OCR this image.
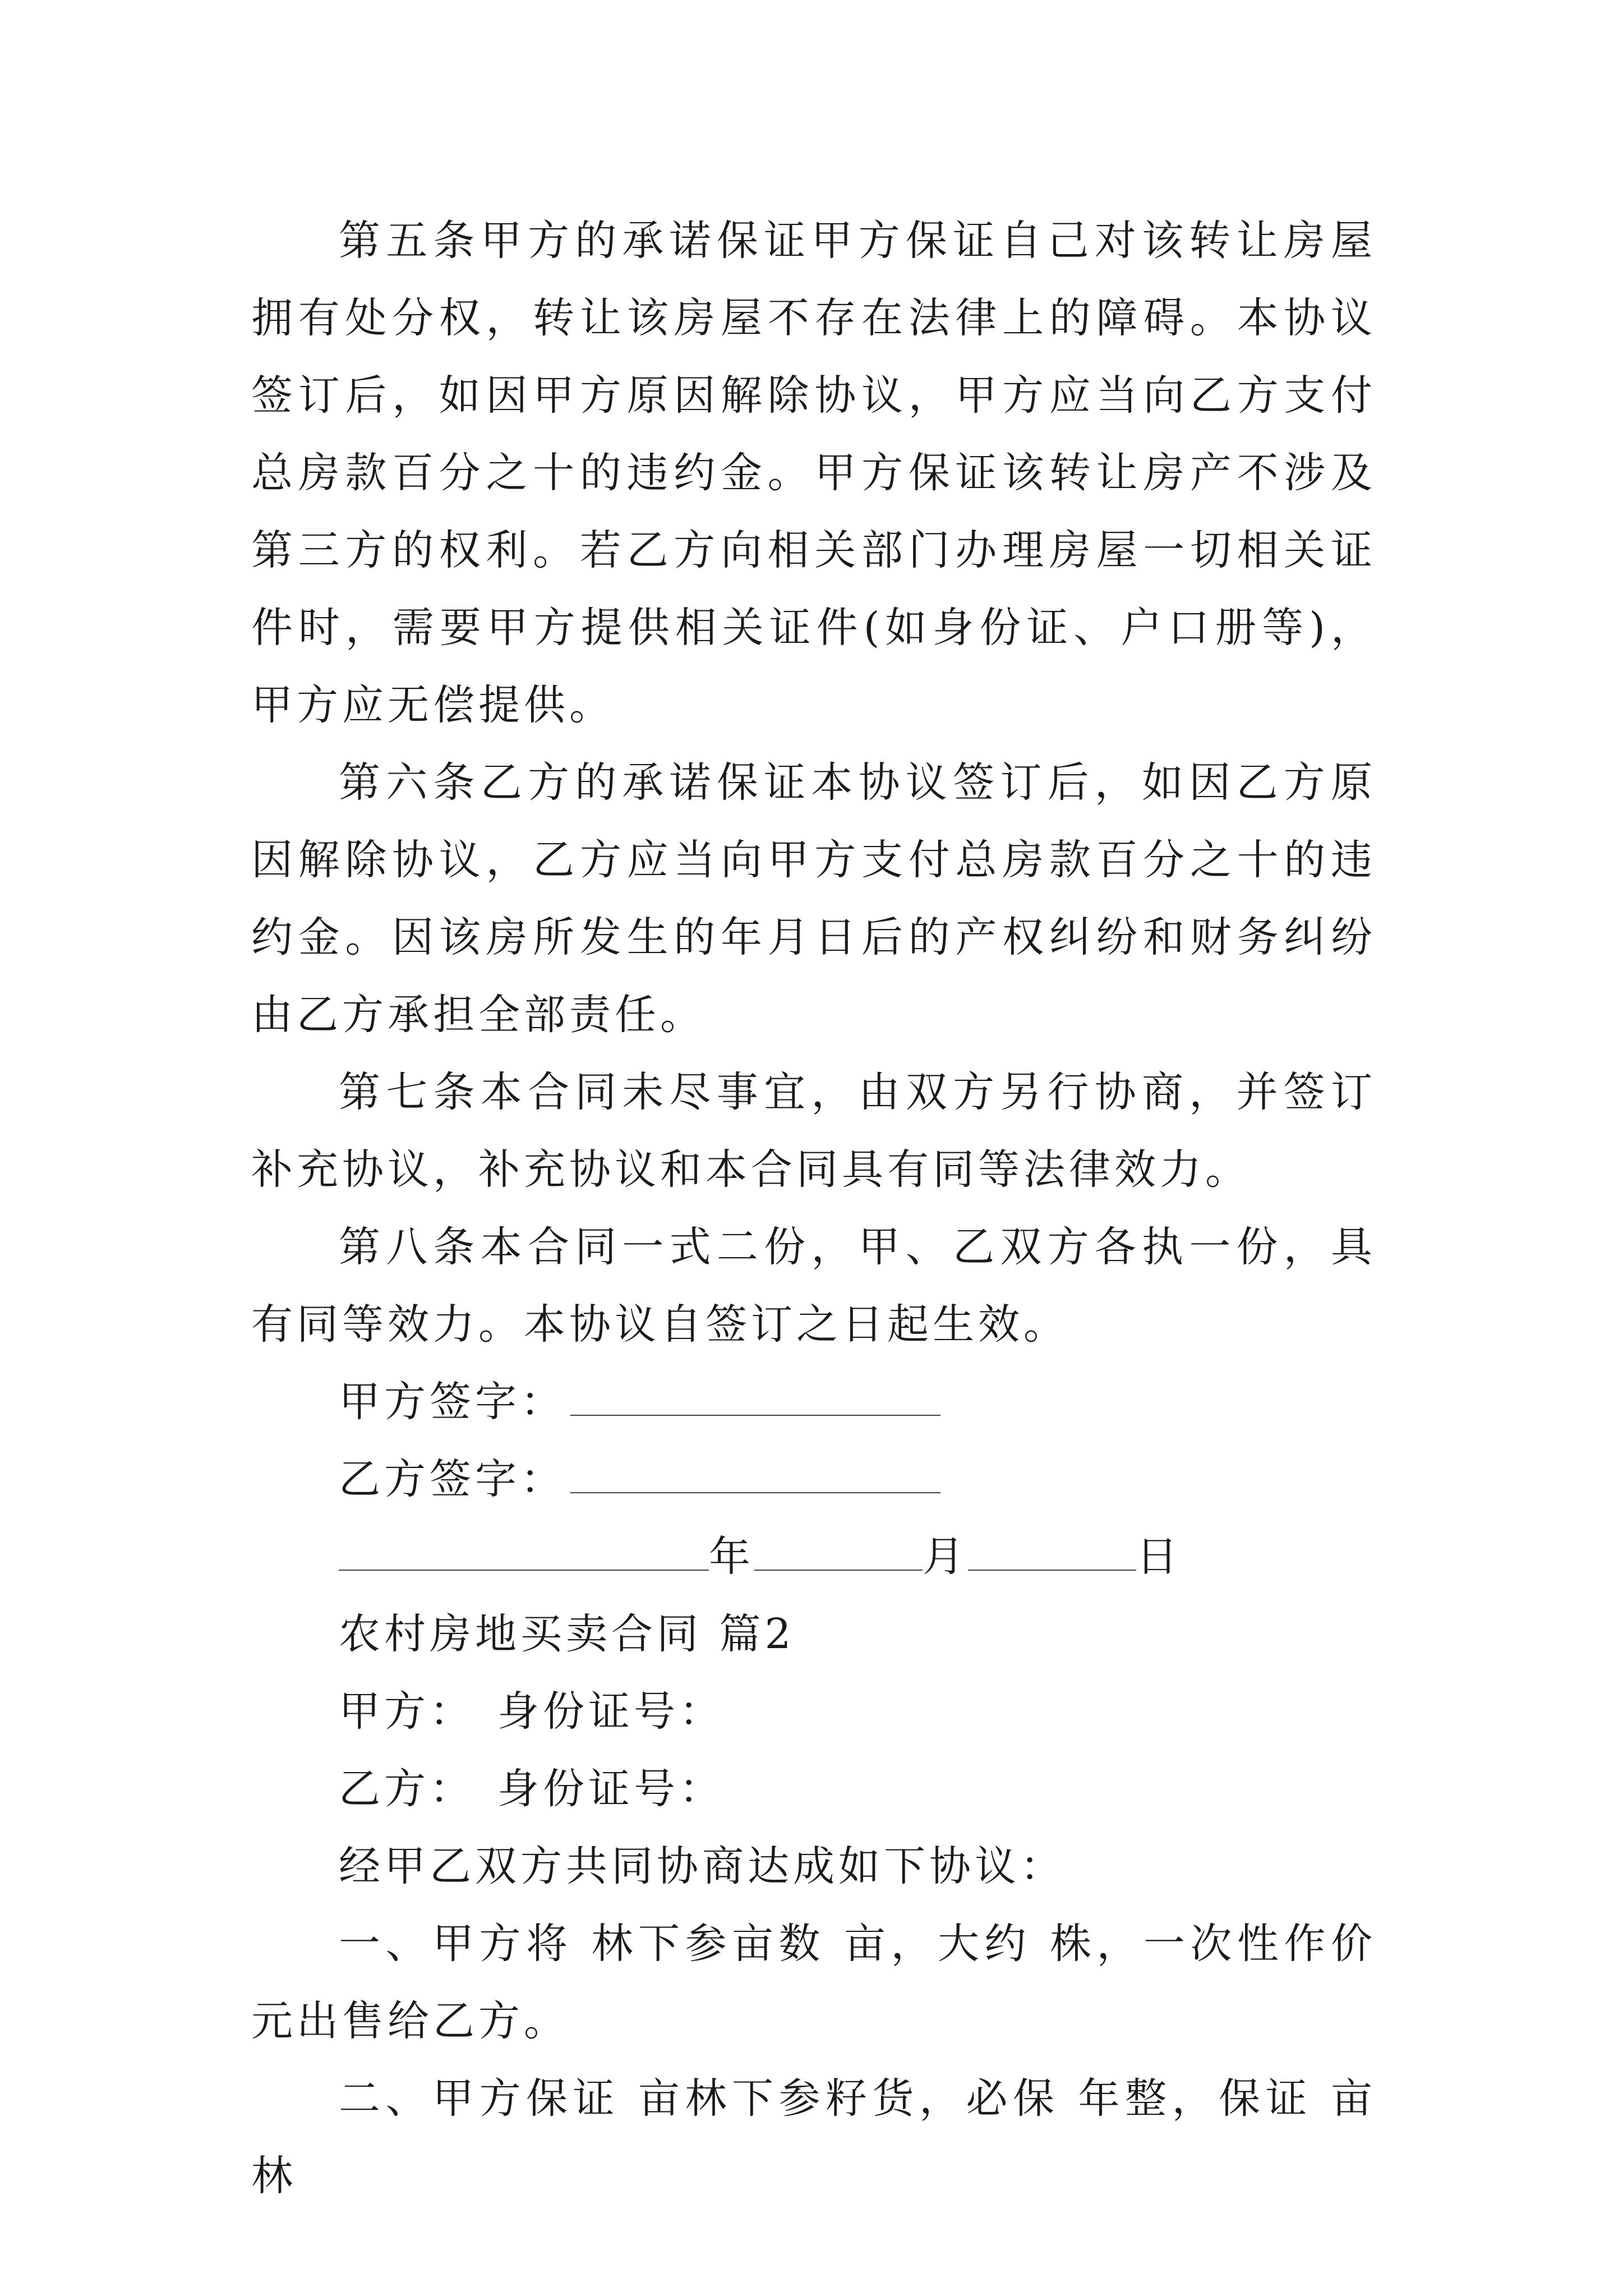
第五条甲方的承诺保证甲方保证自己对该转让房屋拥有处分权，转让该房屋不存在法律上的障碍。本协议签订后，如因甲方原因解除协议，甲方应当向乙方支付总房款百分之十的违约金。甲方保证该转让房产不涉及第三方的权利。若乙方向相关部门办理房屋一切相关证件时，需要甲方提供相关证件(如身份证、户口册等)，甲方应无偿提供。

第六条乙方的承诺保证本协议签订后，如因乙方原因解除协议，乙方应当向甲方支付总房款百分之十的违约金。因该房所发生的年月日后的产权纠纷和财务纠纷由乙方承担全部责任。

第七条本合同未尽事宜，由双方另行协商，并签订补充协议，补充协议和本合同具有同等法律效力。

第八条本合同一式二份，甲、乙双方各执一份，具有同等效力。本协议自签订之日起生效。

甲方签字：
乙方签字：
年	月	日
农村房地买卖合同 篇2
甲方： 身份证号：
乙方： 身份证号：
经甲乙双方共同协商达成如下协议：

一、甲方将 林下参亩数 亩，大约 株，一次性作价 元出售给乙方。

二、甲方保证 亩林下参籽货，必保 年整，保证 亩林
